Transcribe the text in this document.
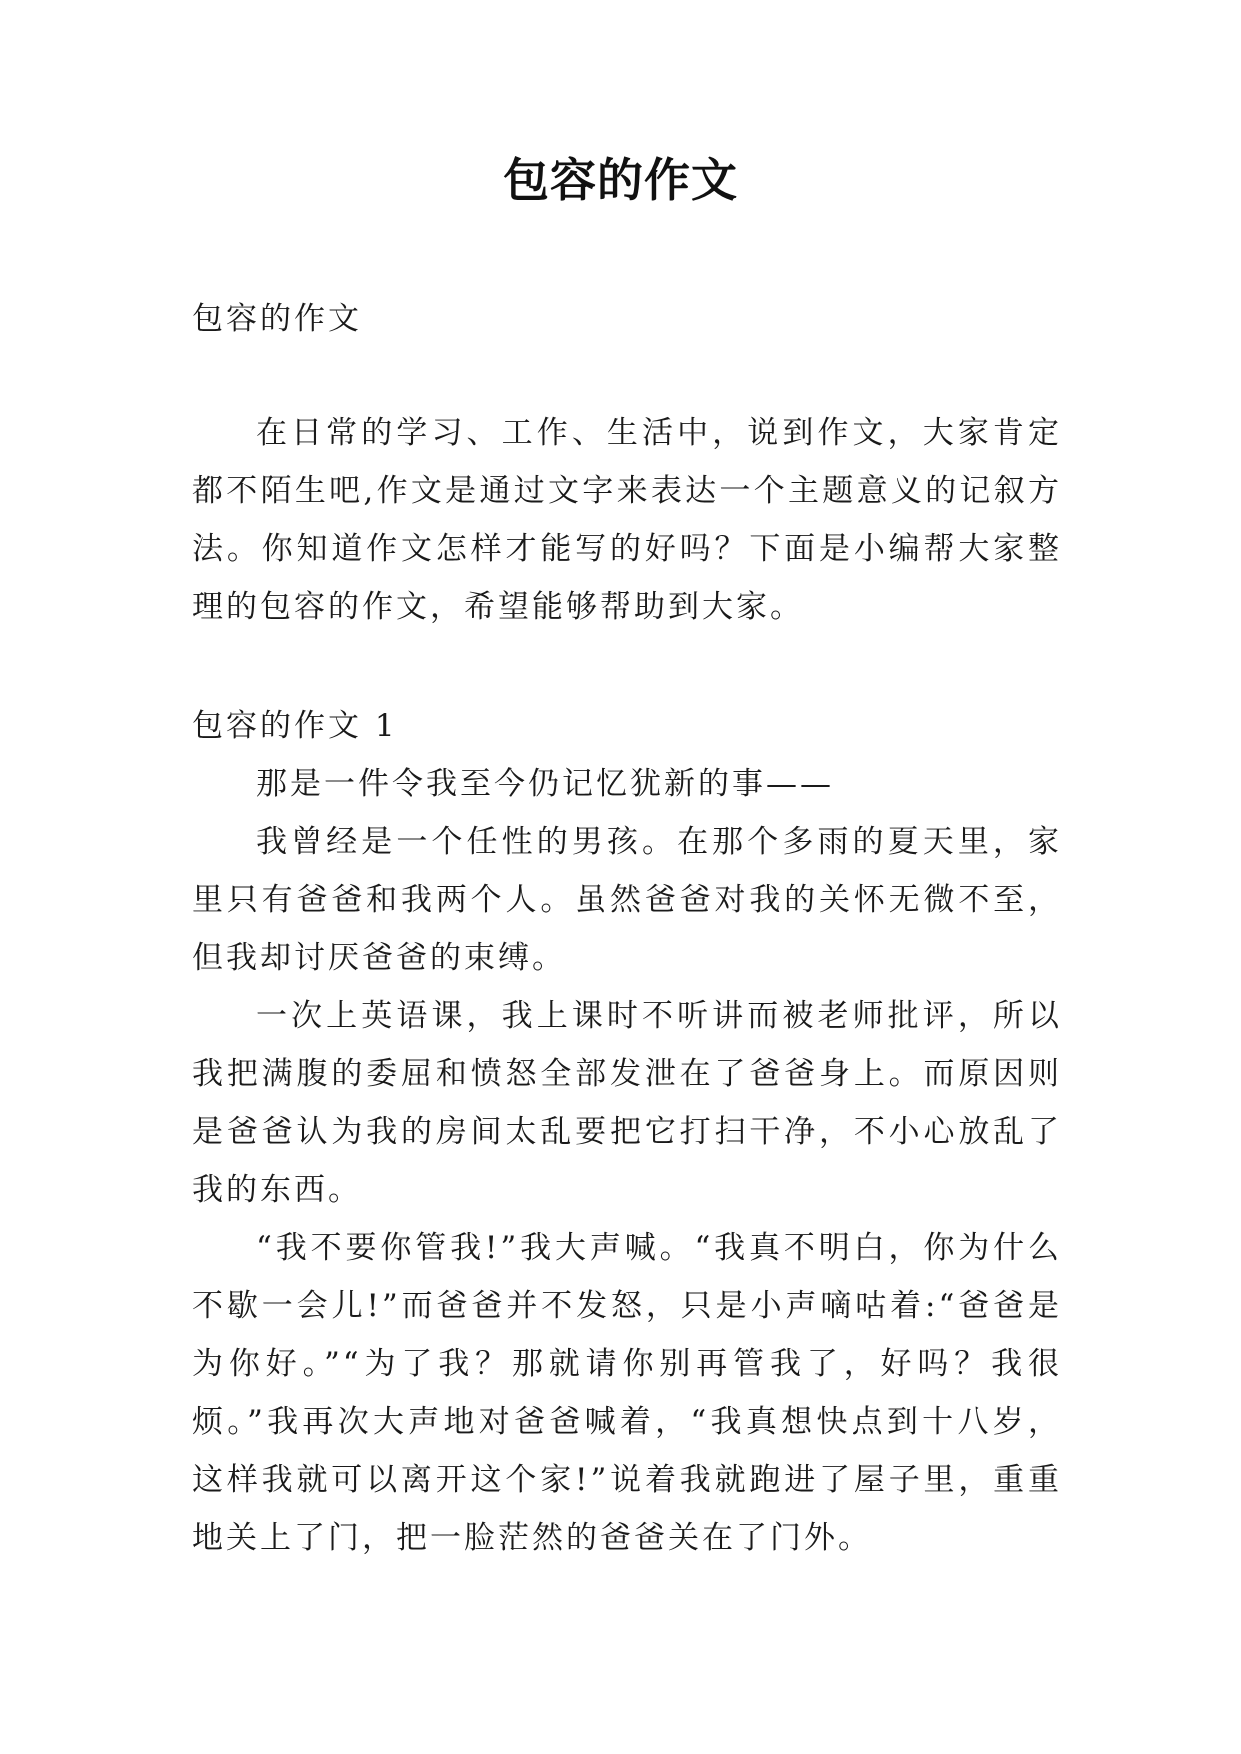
包容的作文

包容的作文

在日常的学习、工作、生活中，说到作文，大家肯定都不陌生吧,作文是通过文字来表达一个主题意义的记叙方法。你知道作文怎样才能写的好吗？下面是小编帮大家整理的包容的作文，希望能够帮助到大家。

包容的作文 1

那是一件令我至今仍记忆犹新的事——

我曾经是一个任性的男孩。在那个多雨的夏天里，家里只有爸爸和我两个人。虽然爸爸对我的关怀无微不至，但我却讨厌爸爸的束缚。

一次上英语课，我上课时不听讲而被老师批评，所以我把满腹的委屈和愤怒全部发泄在了爸爸身上。而原因则是爸爸认为我的房间太乱要把它打扫干净，不小心放乱了我的东西。

“我不要你管我!”我大声喊。“我真不明白，你为什么不歇一会儿!”而爸爸并不发怒，只是小声嘀咕着:“爸爸是为你好。”“为了我？那就请你别再管我了，好吗？我很烦。”我再次大声地对爸爸喊着，“我真想快点到十八岁，这样我就可以离开这个家!”说着我就跑进了屋子里，重重地关上了门，把一脸茫然的爸爸关在了门外。
